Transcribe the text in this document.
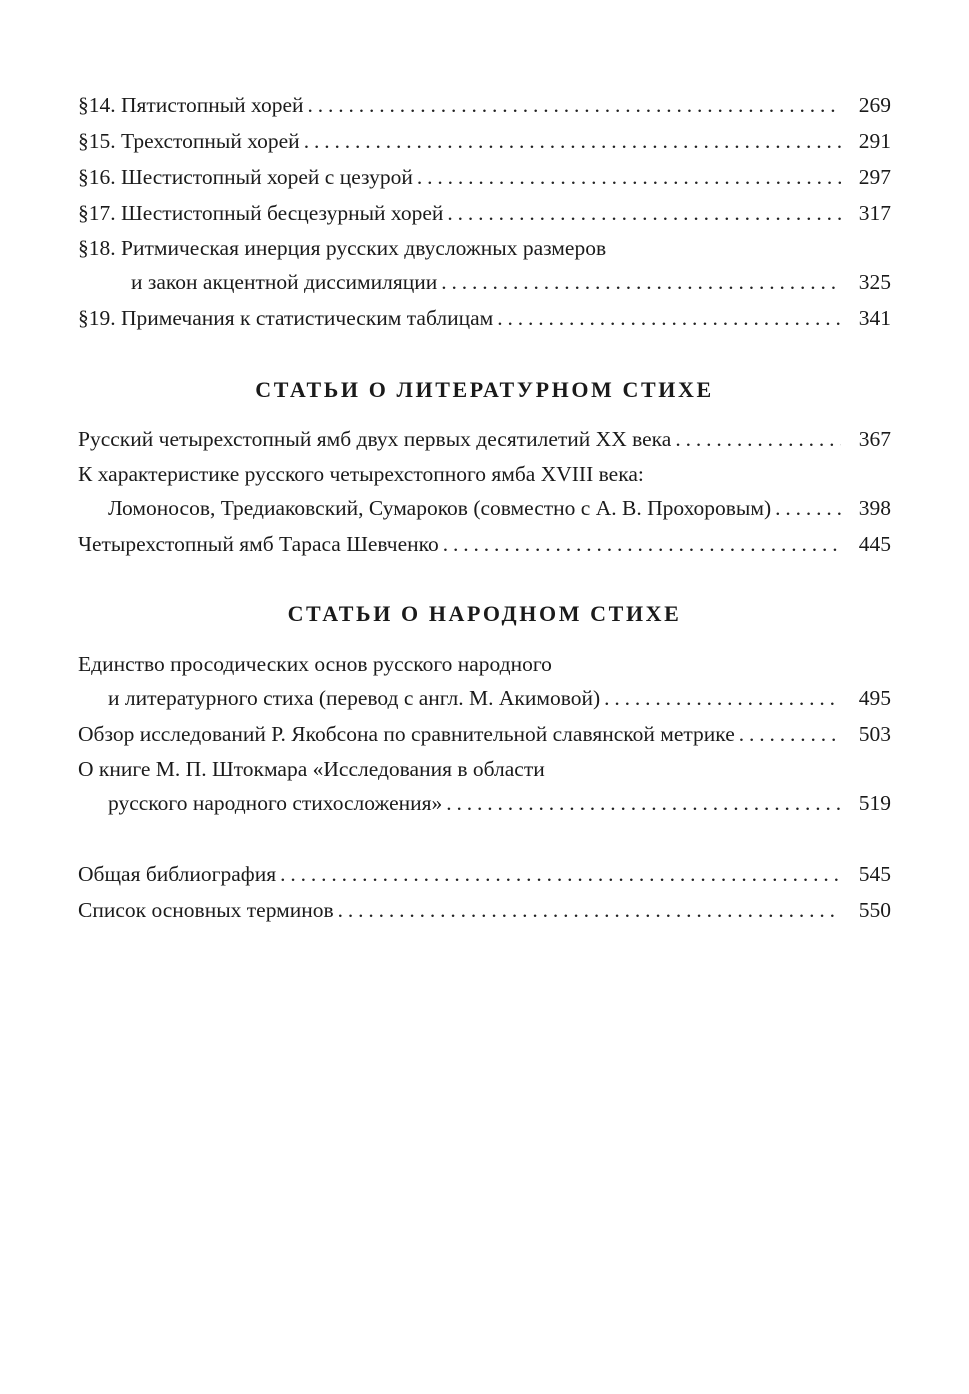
§14. Пятистопный хорей . . .	269
§15. Трехстопный хорей . . .	291
§16. Шестистопный хорей с цезурой . . .	297
§17. Шестистопный бесцезурный хорей . . .	317
§18. Ритмическая инерция русских двусложных размеров
и закон акцентной диссимиляции . . .	325
§19. Примечания к статистическим таблицам . . .	341
СТАТЬИ О ЛИТЕРАТУРНОМ СТИХЕ
Русский четырехстопный ямб двух первых десятилетий XX века . . .	367
К характеристике русского четырехстопного ямба XVIII века:
Ломоносов, Тредиаковский, Сумароков (совместно с А. В. Прохоровым) . . .	398
Четырехстопный ямб Тараса Шевченко . . .	445
СТАТЬИ О НАРОДНОМ СТИХЕ
Единство просодических основ русского народного
и литературного стиха (перевод с англ. М. Акимовой) . . .	495
Обзор исследований Р. Якобсона по сравнительной славянской метрике . . .	503
О книге М. П. Штокмара «Исследования в области
русского народного стихосложения» . . .	519
Общая библиография . . .	545
Список основных терминов . . .	550
